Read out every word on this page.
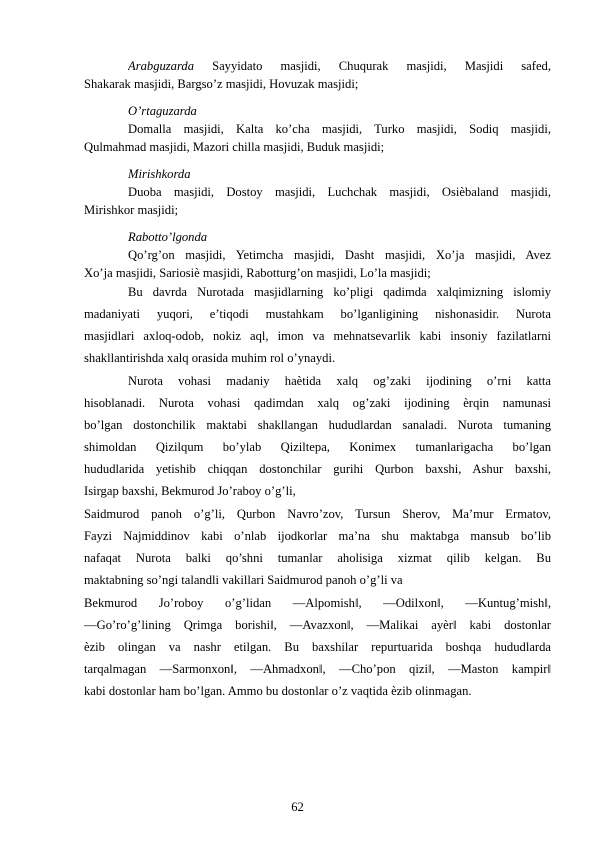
Arabguzarda Sayyidato masjidi, Chuqurak masjidi, Masjidi safed,
Shakarak masjidi, Bargso’z masjidi, Hovuzak masjidi;
O’rtaguzarda
Domalla masjidi, Kalta ko’cha masjidi, Turko masjidi, Sodiq masjidi,
Qulmahmad masjidi, Mazori chilla masjidi, Buduk masjidi;
Mirishkorda
Duoba masjidi, Dostoy masjidi, Luchchak masjidi, Osiѐbaland masjidi,
Mirishkor masjidi;
Rabotto’lgonda
Qo’rg’on masjidi, Yetimcha masjidi, Dasht masjidi, Xo’ja masjidi, Avez
Xo’ja masjidi, Sariosiѐ masjidi, Rabotturg’on masjidi, Lo’la masjidi;
Bu davrda Nurotada masjidlarning ko’pligi qadimda xalqimizning islomiy
madaniyati yuqori, e’tiqodi mustahkam bo’lganligining nishonasidir. Nurota
masjidlari axloq-odob, nokiz aql, imon va mehnatsevarlik kabi insoniy fazilatlarni
shakllantirishda xalq orasida muhim rol o’ynaydi.
Nurota vohasi madaniy haѐtida xalq og’zaki ijodining o’rni katta
hisoblanadi. Nurota vohasi qadimdan xalq og’zaki ijodining ѐrqin namunasi
bo’lgan dostonchilik maktabi shakllangan hududlardan sanaladi. Nurota tumaning
shimoldan Qizilqum bo’ylab Qiziltepa, Konimex tumanlarigacha bo’lgan
hududlarida yetishib chiqqan dostonchilar gurihi Qurbon baxshi, Ashur baxshi,
Isirgap baxshi, Bekmurod Jo’raboy o’g’li,
Saidmurod panoh o’g’li, Qurbon Navro’zov, Tursun Sherov, Ma’mur Ermatov,
Fayzi Najmiddinov kabi o’nlab ijodkorlar ma’na shu maktabga mansub bo’lib
nafaqat Nurota balki qo’shni tumanlar aholisiga xizmat qilib kelgan. Bu
maktabning so’ngi talandli vakillari Saidmurod panoh o’g’li va
Bekmurod Jo’roboy o’g’lidan ―Alpomish‖, ―Odilxon‖, ―Kuntug’mish‖,
―Go’ro’g’lining Qrimga borishi‖, ―Avazxon‖, ―Malikai ayѐr‖ kabi dostonlar
ѐzib olingan va nashr etilgan. Bu baxshilar repurtuarida boshqa hududlarda
tarqalmagan ―Sarmonxon‖, ―Ahmadxon‖, ―Cho’pon qizi‖, ―Maston kampir‖
kabi dostonlar ham bo’lgan. Ammo bu dostonlar o’z vaqtida ѐzib olinmagan.
62
